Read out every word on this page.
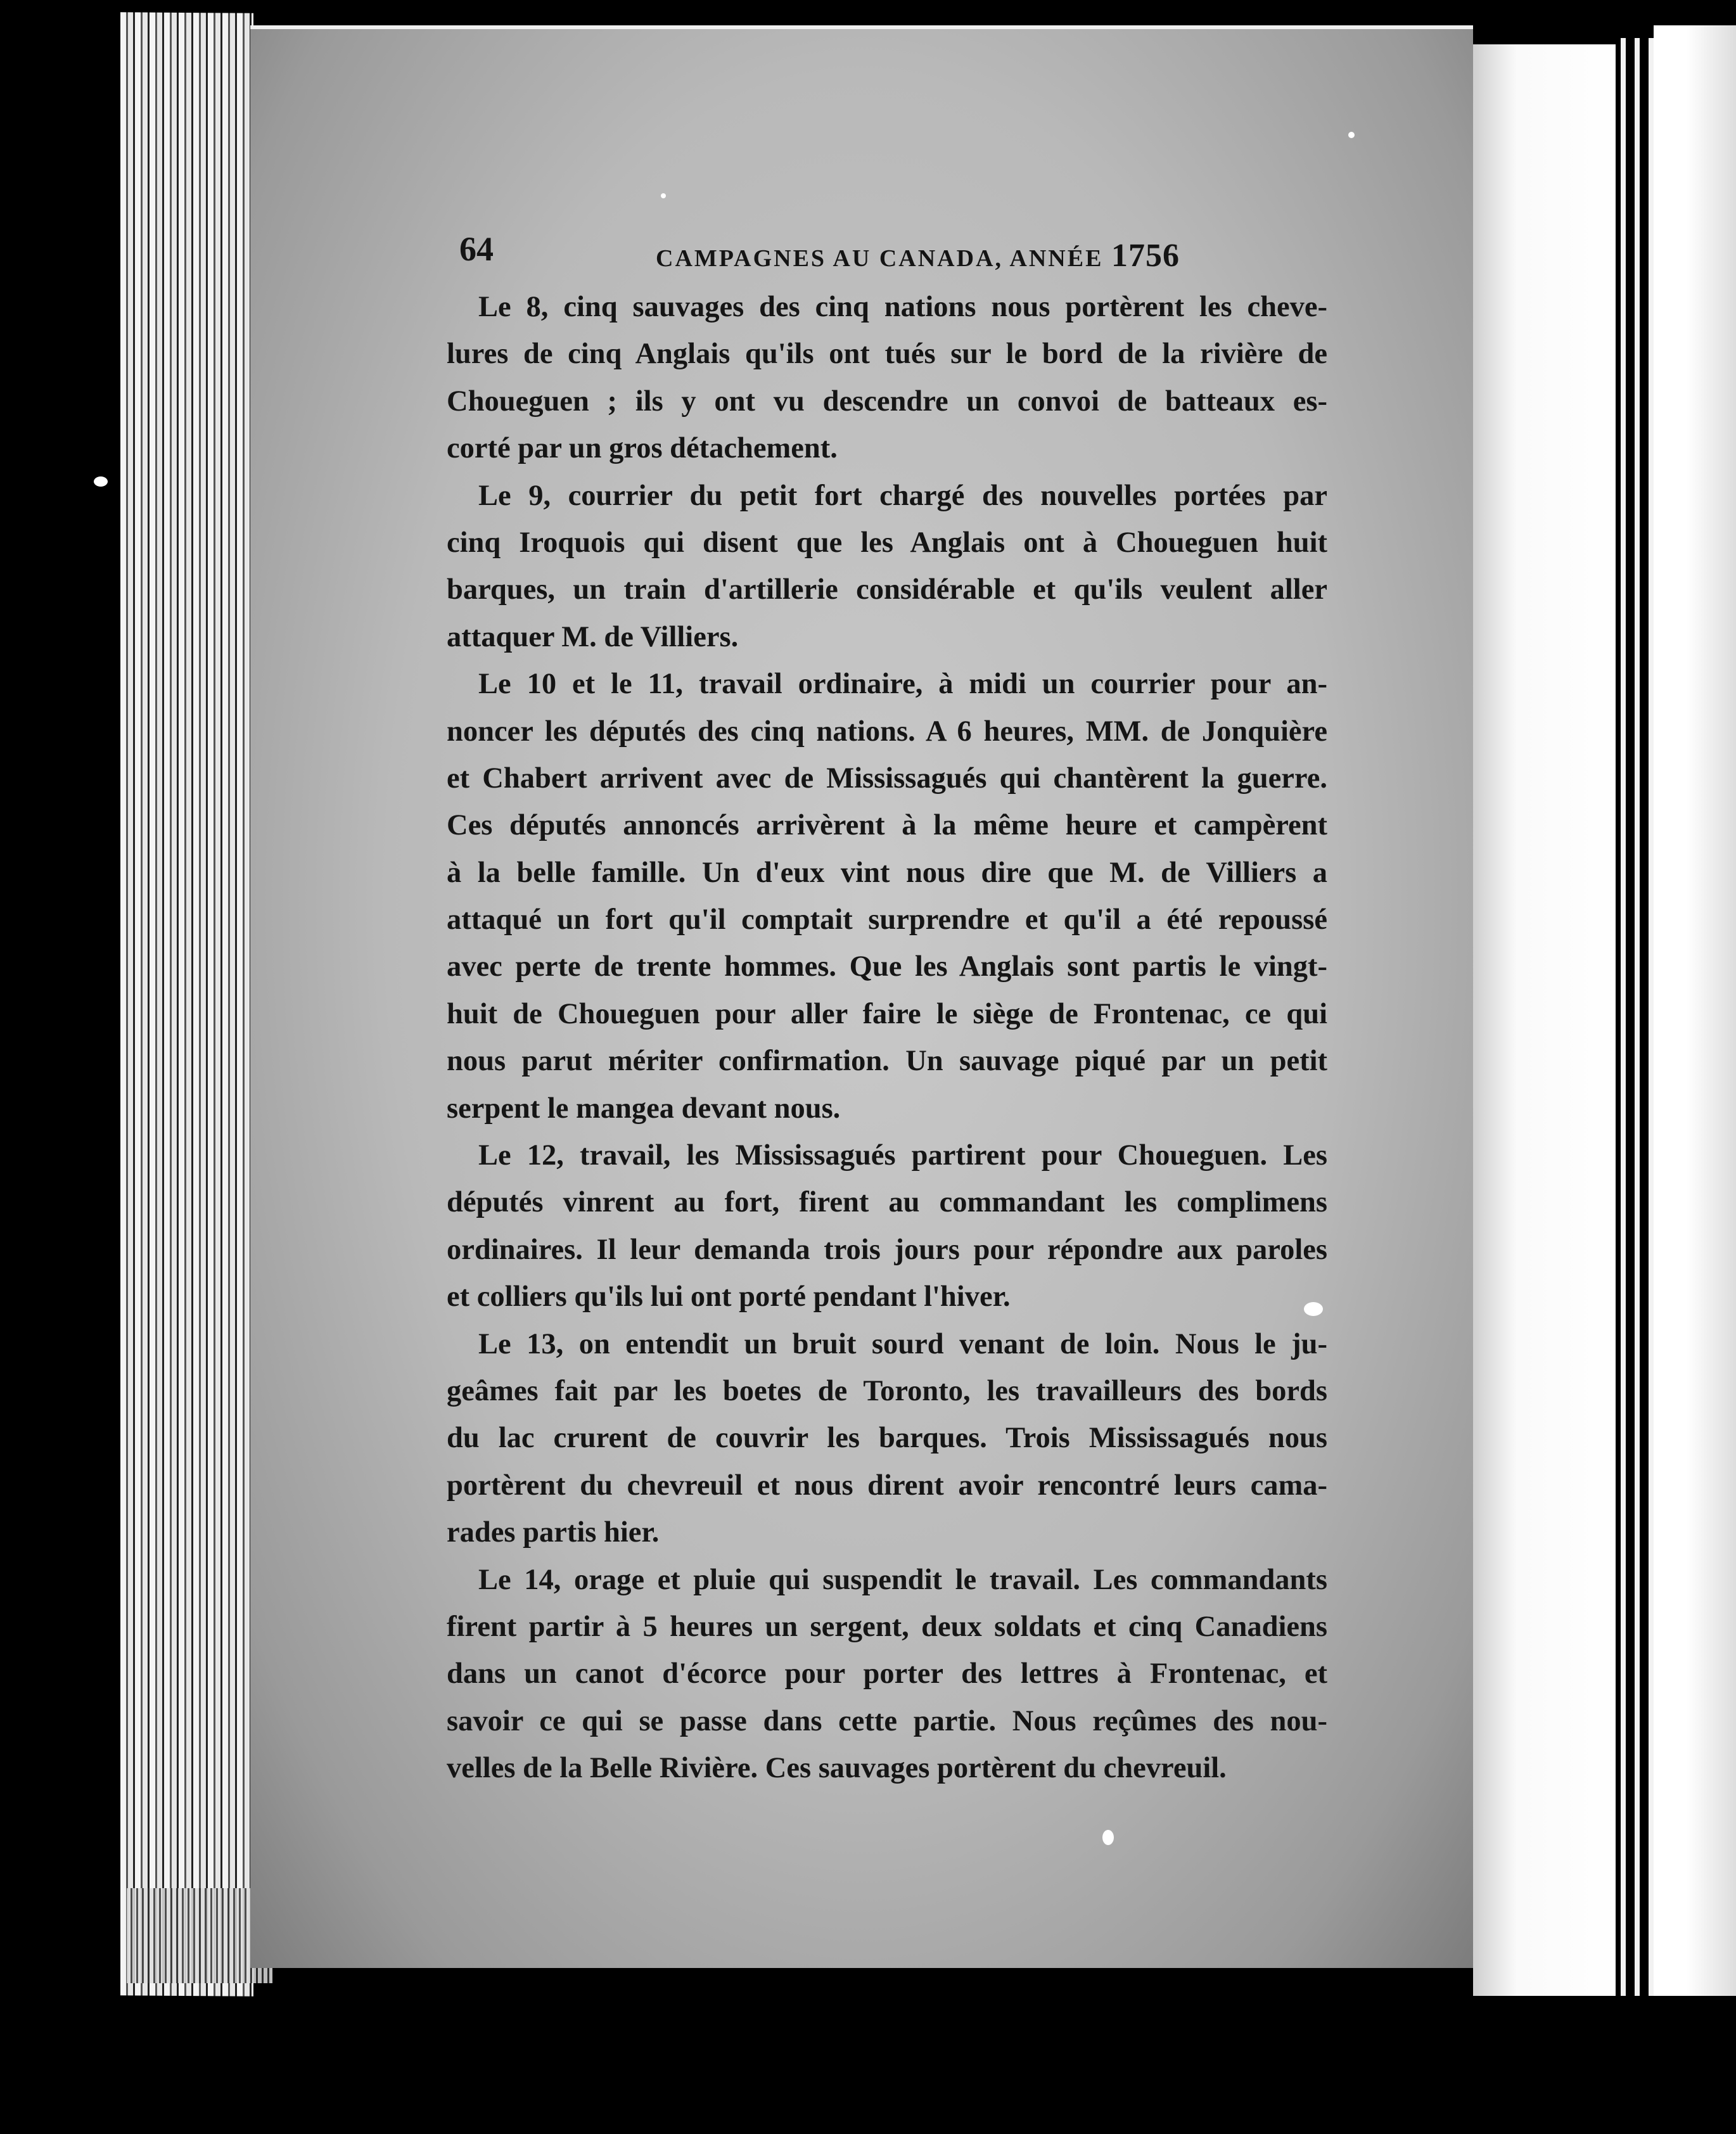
64	CAMPAGNES AU CANADA, ANNÉE 1756
Le 8, cinq sauvages des cinq nations nous portèrent les cheve-
lures de cinq Anglais qu'ils ont tués sur le bord de la rivière de
Choueguen ; ils y ont vu descendre un convoi de batteaux es-
corté par un gros détachement.
Le 9, courrier du petit fort chargé des nouvelles portées par
cinq Iroquois qui disent que les Anglais ont à Choueguen huit
barques, un train d'artillerie considérable et qu'ils veulent aller
attaquer M. de Villiers.
Le 10 et le 11, travail ordinaire, à midi un courrier pour an-
noncer les députés des cinq nations. A 6 heures, MM. de Jonquière
et Chabert arrivent avec de Mississagués qui chantèrent la guerre.
Ces députés annoncés arrivèrent à la même heure et campèrent
à la belle famille. Un d'eux vint nous dire que M. de Villiers a
attaqué un fort qu'il comptait surprendre et qu'il a été repoussé
avec perte de trente hommes. Que les Anglais sont partis le vingt-
huit de Choueguen pour aller faire le siège de Frontenac, ce qui
nous parut mériter confirmation. Un sauvage piqué par un petit
serpent le mangea devant nous.
Le 12, travail, les Mississagués partirent pour Choueguen. Les
députés vinrent au fort, firent au commandant les complimens
ordinaires. Il leur demanda trois jours pour répondre aux paroles
et colliers qu'ils lui ont porté pendant l'hiver.
Le 13, on entendit un bruit sourd venant de loin. Nous le ju-
geâmes fait par les boetes de Toronto, les travailleurs des bords
du lac crurent de couvrir les barques. Trois Mississagués nous
portèrent du chevreuil et nous dirent avoir rencontré leurs cama-
rades partis hier.
Le 14, orage et pluie qui suspendit le travail. Les commandants
firent partir à 5 heures un sergent, deux soldats et cinq Canadiens
dans un canot d'écorce pour porter des lettres à Frontenac, et
savoir ce qui se passe dans cette partie. Nous reçûmes des nou-
velles de la Belle Rivière. Ces sauvages portèrent du chevreuil.
